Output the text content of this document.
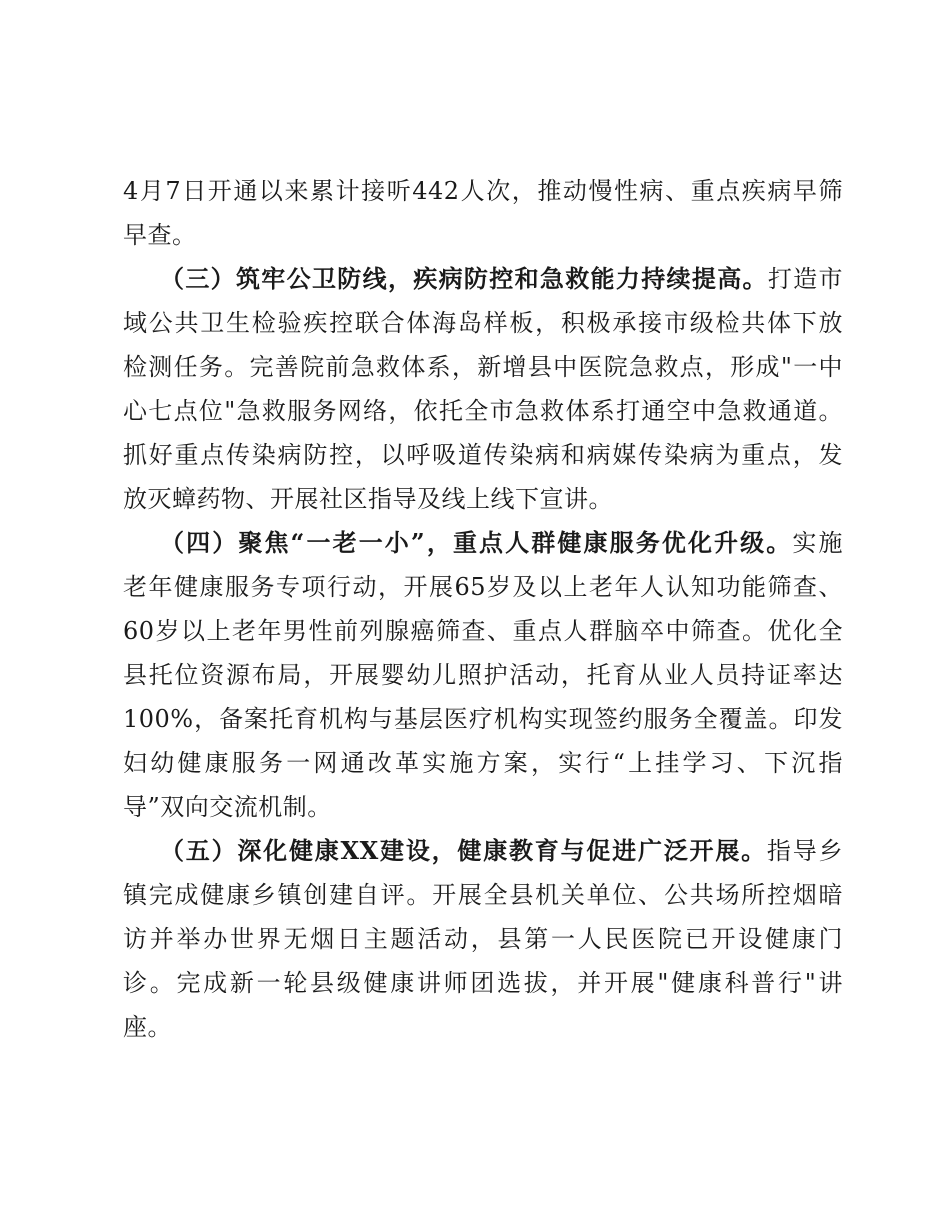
4月7日开通以来累计接听442人次，推动慢性病、重点疾病早筛
早查。
（三）筑牢公卫防线，疾病防控和急救能力持续提高。打造市
域公共卫生检验疾控联合体海岛样板，积极承接市级检共体下放
检测任务。完善院前急救体系，新增县中医院急救点，形成"一中
心七点位"急救服务网络，依托全市急救体系打通空中急救通道。
抓好重点传染病防控，以呼吸道传染病和病媒传染病为重点，发
放灭蟑药物、开展社区指导及线上线下宣讲。
（四）聚焦“一老一小”，重点人群健康服务优化升级。实施
老年健康服务专项行动，开展65岁及以上老年人认知功能筛查、
60岁以上老年男性前列腺癌筛查、重点人群脑卒中筛查。优化全
县托位资源布局，开展婴幼儿照护活动，托育从业人员持证率达
100%，备案托育机构与基层医疗机构实现签约服务全覆盖。印发
妇幼健康服务一网通改革实施方案，实行“上挂学习、下沉指
导”双向交流机制。
（五）深化健康XX建设，健康教育与促进广泛开展。指导乡
镇完成健康乡镇创建自评。开展全县机关单位、公共场所控烟暗
访并举办世界无烟日主题活动，县第一人民医院已开设健康门
诊。完成新一轮县级健康讲师团选拔，并开展"健康科普行"讲
座。
